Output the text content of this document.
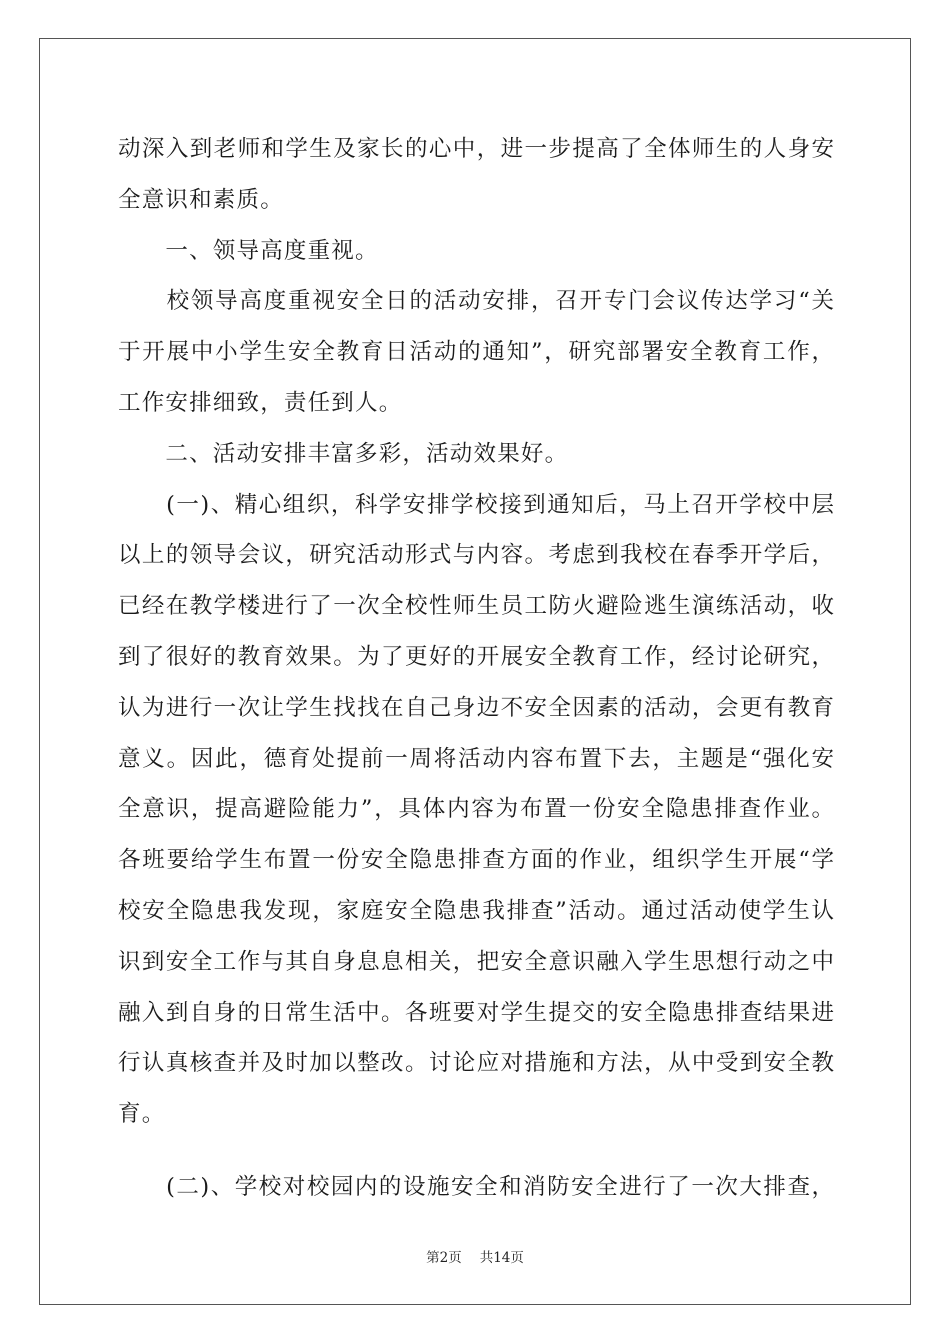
动深入到老师和学生及家长的心中，进一步提高了全体师生的人身安
全意识和素质。
　　一、领导高度重视。
　　校领导高度重视安全日的活动安排，召开专门会议传达学习“关
于开展中小学生安全教育日活动的通知”，研究部署安全教育工作，
工作安排细致，责任到人。
　　二、活动安排丰富多彩，活动效果好。
　　(一)、精心组织，科学安排学校接到通知后，马上召开学校中层
以上的领导会议，研究活动形式与内容。考虑到我校在春季开学后，
已经在教学楼进行了一次全校性师生员工防火避险逃生演练活动，收
到了很好的教育效果。为了更好的开展安全教育工作，经讨论研究，
认为进行一次让学生找找在自己身边不安全因素的活动，会更有教育
意义。因此，德育处提前一周将活动内容布置下去，主题是“强化安
全意识，提高避险能力”，具体内容为布置一份安全隐患排查作业。
各班要给学生布置一份安全隐患排查方面的作业，组织学生开展“学
校安全隐患我发现，家庭安全隐患我排查”活动。通过活动使学生认
识到安全工作与其自身息息相关，把安全意识融入学生思想行动之中
融入到自身的日常生活中。各班要对学生提交的安全隐患排查结果进
行认真核查并及时加以整改。讨论应对措施和方法，从中受到安全教
育。
　　(二)、学校对校园内的设施安全和消防安全进行了一次大排查，
第2页 共14页
